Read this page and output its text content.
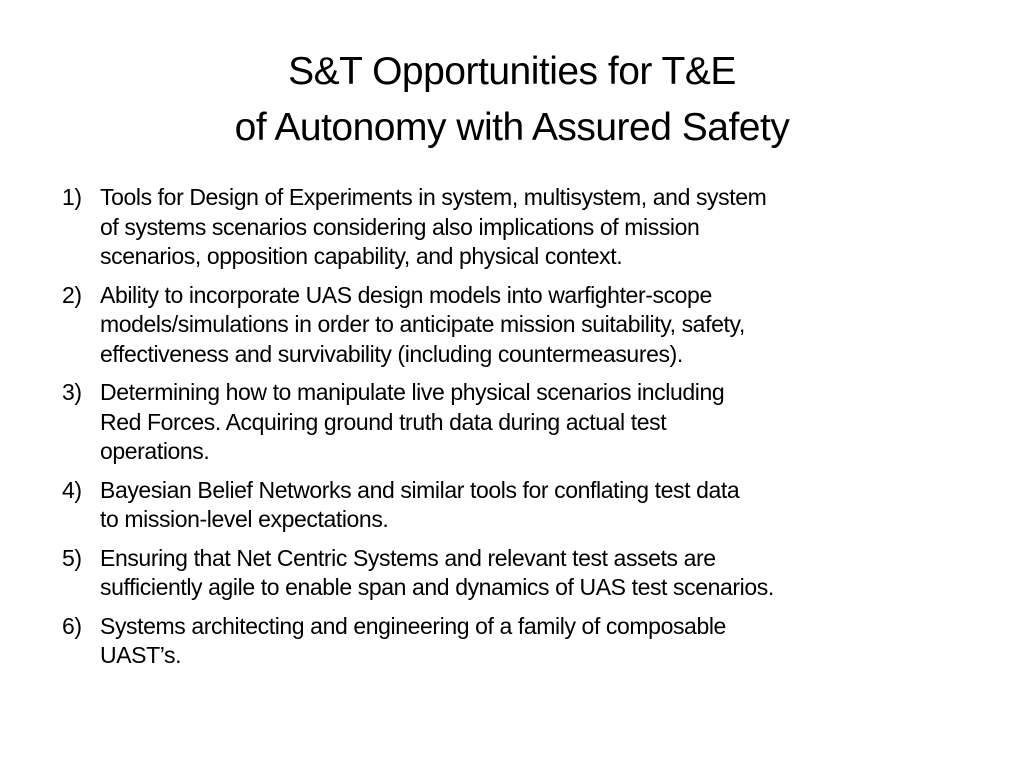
S&T Opportunities for T&E
of Autonomy with Assured Safety
1) Tools for Design of Experiments in system, multisystem, and system
of systems scenarios considering also implications of mission
scenarios, opposition capability, and physical context.
2) Ability to incorporate UAS design models into warfighter-scope
models/simulations in order to anticipate mission suitability, safety,
effectiveness and survivability (including countermeasures).
3) Determining how to manipulate live physical scenarios including
Red Forces. Acquiring ground truth data during actual test
operations.
4) Bayesian Belief Networks and similar tools for conflating test data
to mission-level expectations.
5) Ensuring that Net Centric Systems and relevant test assets are
sufficiently agile to enable span and dynamics of UAS test scenarios.
6) Systems architecting and engineering of a family of composable
UAST’s.
